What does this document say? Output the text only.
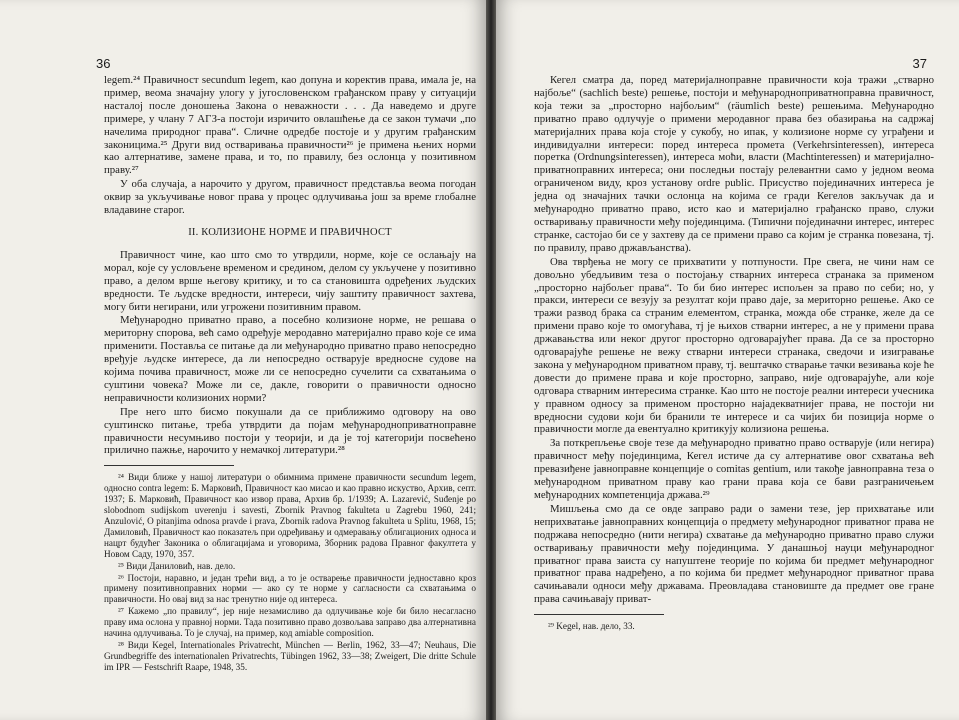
36

legem.²⁴ Правичност secundum legem, као допуна и коректив права, имала је, на пример, веома значајну улогу у југословенском грађанском праву у ситуацији насталој после доношења Закона о неважности . . . Да наведемо и друге примере, у члану 7 АГЗ-а постоји изричито овлашћење да се закон тумачи „по начелима природног права“. Сличне одредбе постоје и у другим грађанским законицима.²⁵ Други вид остваривања правичности²⁶ је примена њених норми као алтернативе, замене права, и то, по правилу, без ослонца у позитивном праву.²⁷

У оба случаја, а нарочито у другом, правичност представља веома погодан оквир за укључивање новог права у процес одлучивања још за време глобалне владавине старог.

II. КОЛИЗИОНЕ НОРМЕ И ПРАВИЧНОСТ

Правичност чине, као што смо то утврдили, норме, које се ослањају на морал, које су условљене временом и средином, делом су укључене у позитивно право, а делом врше његову критику, и то са становишта одређених људских вредности. Те људске вредности, интереси, чију заштиту правичност захтева, могу бити негирани, или угрожени позитивним правом.

Међународно приватно право, а посебно колизионе норме, не решава о мериторну спорова, већ само одређује меродавно материјално право које се има применити. Поставља се питање да ли међународно приватно право непосредно вређује људске интересе, да ли непосредно остварује вредносне судове на којима почива правичност, може ли се непосредно сучелити са схватањима о суштини човека? Може ли се, дакле, говорити о правичности односно неправичности колизионих норми?

Пре него што бисмо покушали да се приближимо одговору на ово суштинско питање, треба утврдити да појам међународноприватноправне правичности несумњиво постоји у теорији, и да је тој категорији посвећено прилично пажње, нарочито у немачкој литератури.²⁸

²⁴ Види ближе у нашој литератури о обимнима примене правичности secundum legem, односно contra legem: Б. Марковић, Правичност као мисао и као правно искуство, Архив, септ. 1937; Б. Марковић, Правичност као извор права, Архив бр. 1/1939; A. Lazarević, Suđenje po slobodnom sudijskom uverenju i savesti, Zbornik Pravnog fakulteta u Zagrebu 1960, 241; Anzulović, O pitanjima odnosa pravde i prava, Zbornik radova Pravnog fakulteta u Splitu, 1968, 15; Дамиловић, Правичност као показатељ при одређивању и одмеравању облигационих односа и нацрт будућег Законика о облигацијама и уговорима, Зборник радова Правног факултета у Новом Саду, 1970, 357.

²⁵ Види Даниловић, нав. дело.

²⁶ Постоји, наравно, и један трећи вид, а то је остварење правичности једноставно кроз примену позитивноправних норми — ако су те норме у сагласности са схватањима о правичности. Но овај вид за нас тренутно није од интереса.

²⁷ Кажемо „по правилу“, јер није незамисливо да одлучивање које би било несагласно праву има ослона у правној норми. Тада позитивно право дозвољава заправо два алтернативна начина одлучивања. То је случај, на пример, код amiable composition.

²⁸ Види Kegel, Internationales Privatrecht, München — Berlin, 1962, 33—47; Neuhaus, Die Grundbegriffe des internationalen Privatrechts, Tübingen 1962, 33—38; Zweigert, Die dritte Schule im IPR — Festschrift Raape, 1948, 35.

37

Кегел сматра да, поред материјалноправне правичности која тражи „стварно најбоље“ (sachlich beste) решење, постоји и међународноприватноправна правичност, која тежи за „просторно најбољим“ (räumlich beste) решењима. Међународно приватно право одлучује о примени меродавног права без обазирања на садржај материјалних права која стоје у сукобу, но ипак, у колизионе норме су уграђени и индивидуални интереси: поред интереса промета (Verkehrsinteressen), интереса поретка (Ordnungsinteressen), интереса моћи, власти (Machtinteressen) и материјално-приватноправних интереса; они последњи постају релевантни само у једном веома ограниченом виду, кроз установу ordre public. Присуство појединачних интереса је једна од значајних тачки ослонца на којима се гради Кегелов закључак да и међународно приватно право, исто као и материјално грађанско право, служи остваривању правичности међу појединцима. (Типични појединачни интерес, интерес странке, састојао би се у захтеву да се примени право са којим је странка повезана, тј. по правилу, право држављанства).

Ова тврђења не могу се прихватити у потпуности. Пре свега, не чини нам се довољно убедљивим теза о постојању стварних интереса странака за применом „просторно најбољег права“. То би био интерес испољен за право по себи; но, у пракси, интереси се везују за резултат који право даје, за мериторно решење. Ако се тражи развод брака са страним елементом, странка, можда обе странке, желе да се примени право које то омогућава, тј је њихов стварни интерес, а не у примени права државањства или неког другог просторно одговарајућег права. Да се за просторно одговарајуће решење не вежу стварни интереси странака, сведочи и изигравање закона у међународном приватном праву, тј. вештачко стварање тачки везивања које ће довести до примене права и које просторно, заправо, није одговарајуће, али које одговара стварним интересима странке. Као што не постоје реални интереси учесника у правном односу за применом просторно најадекватнијег права, не постоји ни вредносни судови који би бранили те интересе и са чијих би позиција норме о правичности могле да евентуално критикују колизиона решења.

За поткрепљење своје тезе да међународно приватно право остварује (или негира) правичност међу појединцима, Кегел истиче да су алтернативе овог схватања већ превазиђене јавноправне концепције о comitas gentium, или такође јавноправна теза о међународном приватном праву као грани права која се бави разграничењем међународних компетенција држава.²⁹

Мишљења смо да се овде заправо ради о замени тезе, јер прихватање или неприхватање јавноправних концепција о предмету међународног приватног права не подржава непосредно (нити негира) схватање да међународно приватно право служи остваривању правичности међу појединцима. У данашњој науци међународног приватног права заиста су напуштене теорије по којима би предмет међународног приватног права надређено, а по којима би предмет међународног приватног права сачињавали односи међу државама. Преовладава становиште да предмет ове гране права сачињавају приват-

²⁹ Kegel, нав. дело, 33.
